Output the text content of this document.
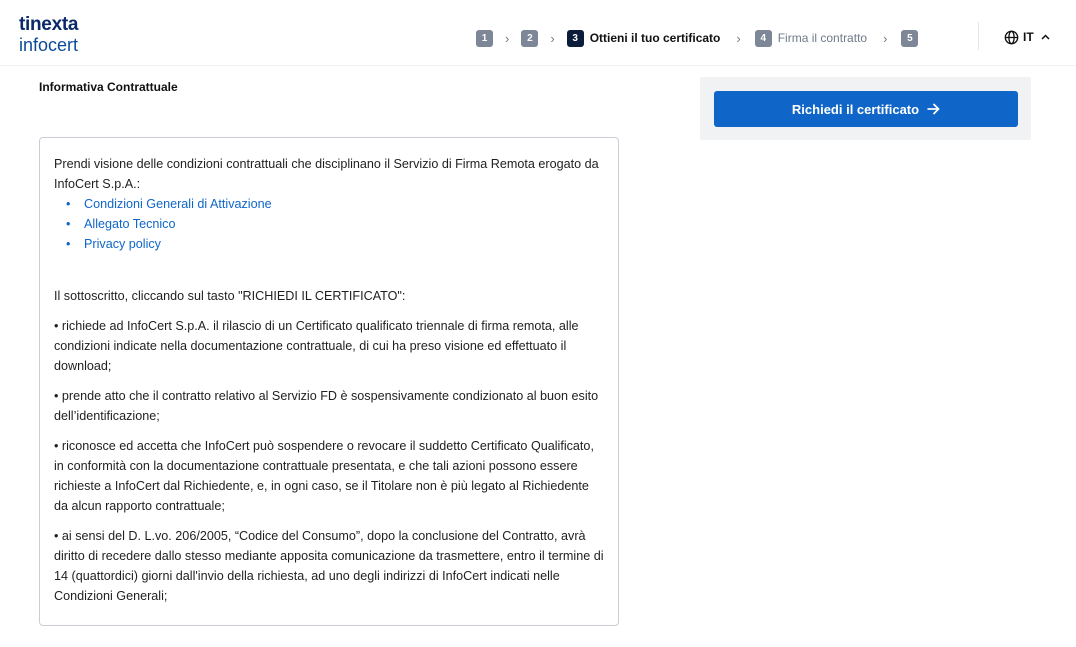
tinexta
infocert	1	›	2	›	3 Ottieni il tuo certificato ›	4 Firma il contratto ›	5	IT
Informativa Contrattuale

Prendi visione delle condizioni contrattuali che disciplinano il Servizio di Firma Remota erogato da InfoCert S.p.A.:

• Condizioni Generali di Attivazione
• Allegato Tecnico
• Privacy policy

Il sottoscritto, cliccando sul tasto "RICHIEDI IL CERTIFICATO":

• richiede ad InfoCert S.p.A. il rilascio di un Certificato qualificato triennale di firma remota, alle condizioni indicate nella documentazione contrattuale, di cui ha preso visione ed effettuato il download;

• prende atto che il contratto relativo al Servizio FD è sospensivamente condizionato al buon esito dell’identificazione;

• riconosce ed accetta che InfoCert può sospendere o revocare il suddetto Certificato Qualificato, in conformità con la documentazione contrattuale presentata, e che tali azioni possono essere richieste a InfoCert dal Richiedente, e, in ogni caso, se il Titolare non è più legato al Richiedente da alcun rapporto contrattuale;

• ai sensi del D. L.vo. 206/2005, “Codice del Consumo”, dopo la conclusione del Contratto, avrà diritto di recedere dallo stesso mediante apposita comunicazione da trasmettere, entro il termine di 14 (quattordici) giorni dall'invio della richiesta, ad uno degli indirizzi di InfoCert indicati nelle Condizioni Generali;

Richiedi il certificato
